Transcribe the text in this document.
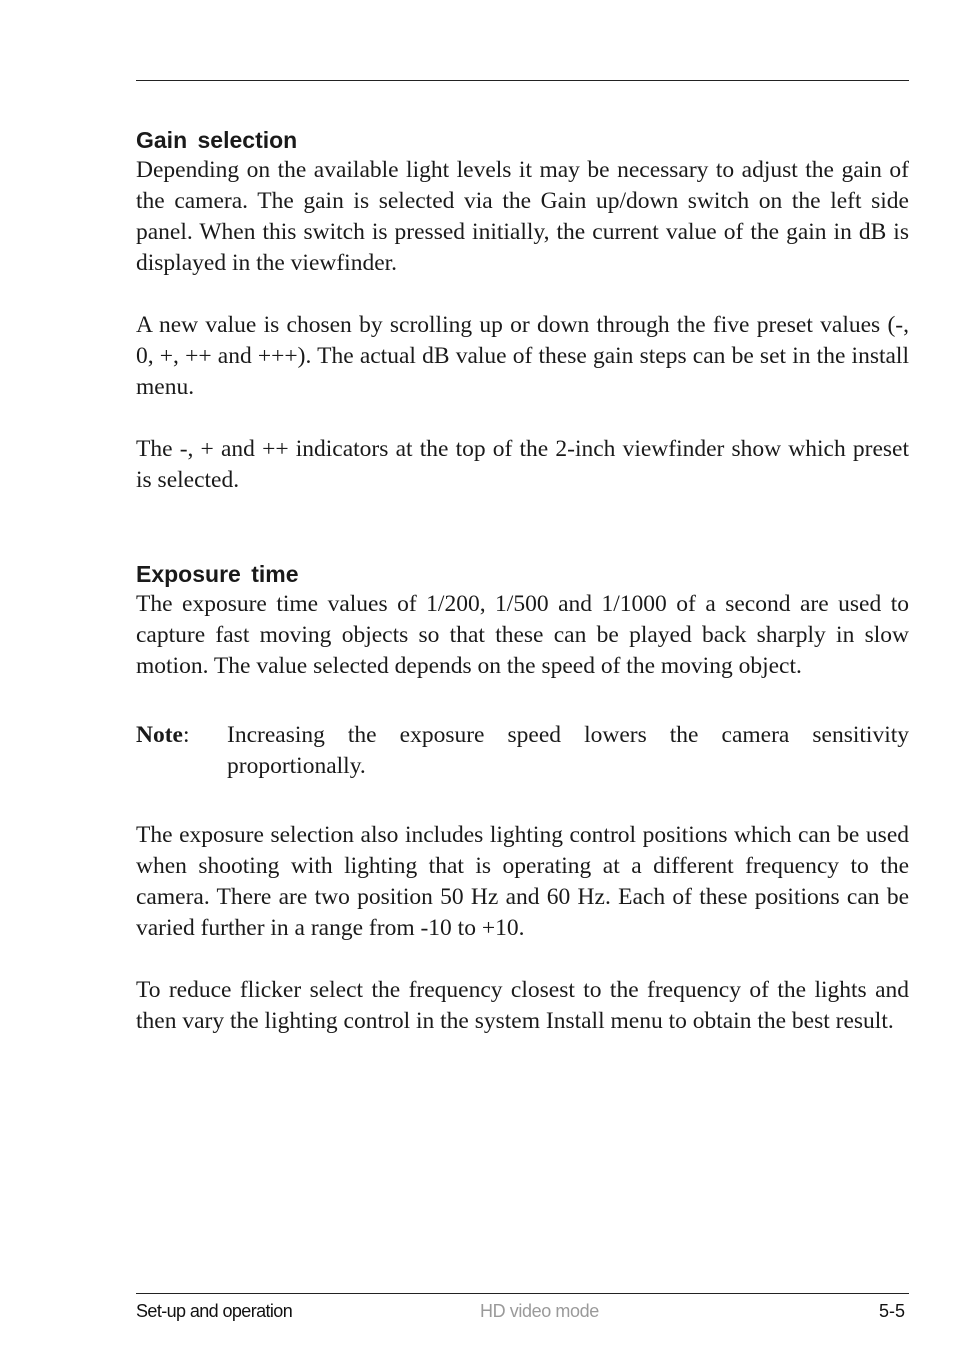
Gain selection

Depending on the available light levels it may be necessary to adjust the gain of the camera. The gain is selected via the Gain up/down switch on the left side panel. When this switch is pressed initially, the current value of the gain in dB is displayed in the viewfinder.

A new value is chosen by scrolling up or down through the five preset values (-, 0, +, ++ and +++). The actual dB value of these gain steps can be set in the install menu.

The -, + and ++ indicators at the top of the 2-inch viewfinder show which preset is selected.

Exposure time

The exposure time values of 1/200, 1/500 and 1/1000 of a second are used to capture fast moving objects so that these can be played back sharply in slow motion. The value selected depends on the speed of the moving object.

Note:	Increasing the exposure speed lowers the camera sensitivity proportionally.

The exposure selection also includes lighting control positions which can be used when shooting with lighting that is operating at a different frequency to the camera. There are two position 50 Hz and 60 Hz. Each of these positions can be varied further in a range from -10 to +10.

To reduce flicker select the frequency closest to the frequency of the lights and then vary the lighting control in the system Install menu to obtain the best result.

Set-up and operation	HD video mode	5-5
